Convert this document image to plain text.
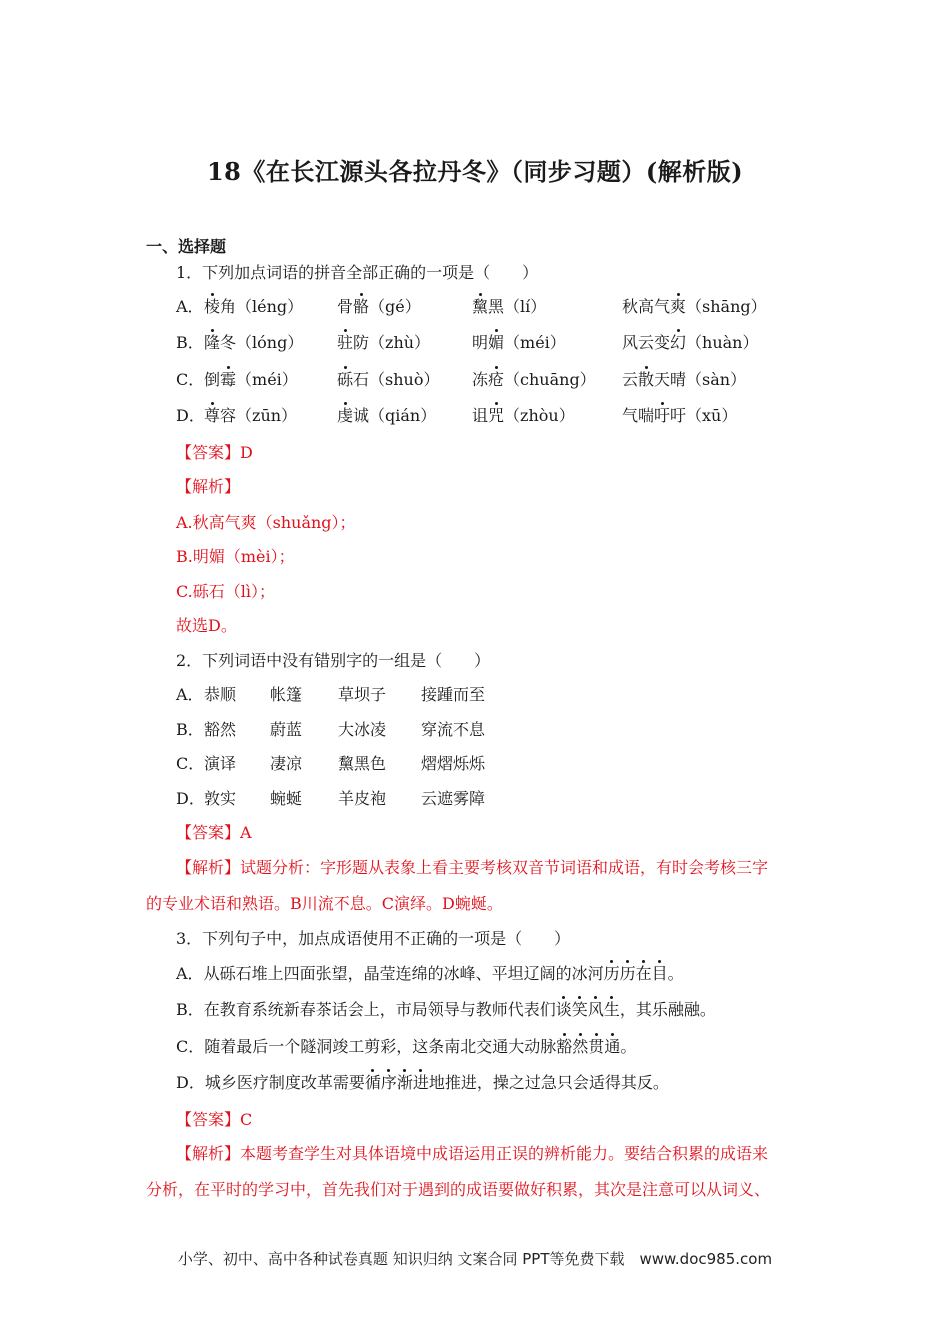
18《在长江源头各拉丹冬》（同步习题）(解析版)
一、选择题
1．下列加点词语的拼音全部正确的一项是（　　）
A． 棱角（léng） 骨骼（gé）	黧黑（lí）	秋高气爽（shāng）
B． 隆冬（lóng） 驻防（zhù）	明媚（méi）	风云变幻（huàn）
C． 倒霉（méi） 砾石（shuò） 冻疮（chuāng） 云散天晴（sàn）
D． 尊容（zūn） 虔诚（qián） 诅咒（zhòu）	气喘吁吁（xū）
【答案】D
【解析】
A.秋高气爽（shuǎng）；
B.明媚（mèi）；
C.砾石（lì）；
故选D。
2．下列词语中没有错别字的一组是（　　）
A． 恭顺 帐篷 草坝子 接踵而至
B． 豁然 蔚蓝 大冰凌 穿流不息
C． 演译 凄凉 黧黑色 熠熠烁烁
D． 敦实 蜿蜒 羊皮袍 云遮雾障
【答案】A
【解析】试题分析：字形题从表象上看主要考核双音节词语和成语，有时会考核三字
的专业术语和熟语。B川流不息。C演绎。D蜿蜒。
3．下列句子中，加点成语使用不正确的一项是（　　）
A．从砾石堆上四面张望，晶莹连绵的冰峰、平坦辽阔的冰河历历在目。
B．在教育系统新春茶话会上，市局领导与教师代表们谈笑风生，其乐融融。
C．随着最后一个隧洞竣工剪彩，这条南北交通大动脉豁然贯通。
D．城乡医疗制度改革需要循序渐进地推进，操之过急只会适得其反。
【答案】C
【解析】本题考查学生对具体语境中成语运用正误的辨析能力。要结合积累的成语来
分析，在平时的学习中，首先我们对于遇到的成语要做好积累，其次是注意可以从词义、
小学、初中、高中各种试卷真题 知识归纳 文案合同 PPT等免费下载　www.doc985.com
